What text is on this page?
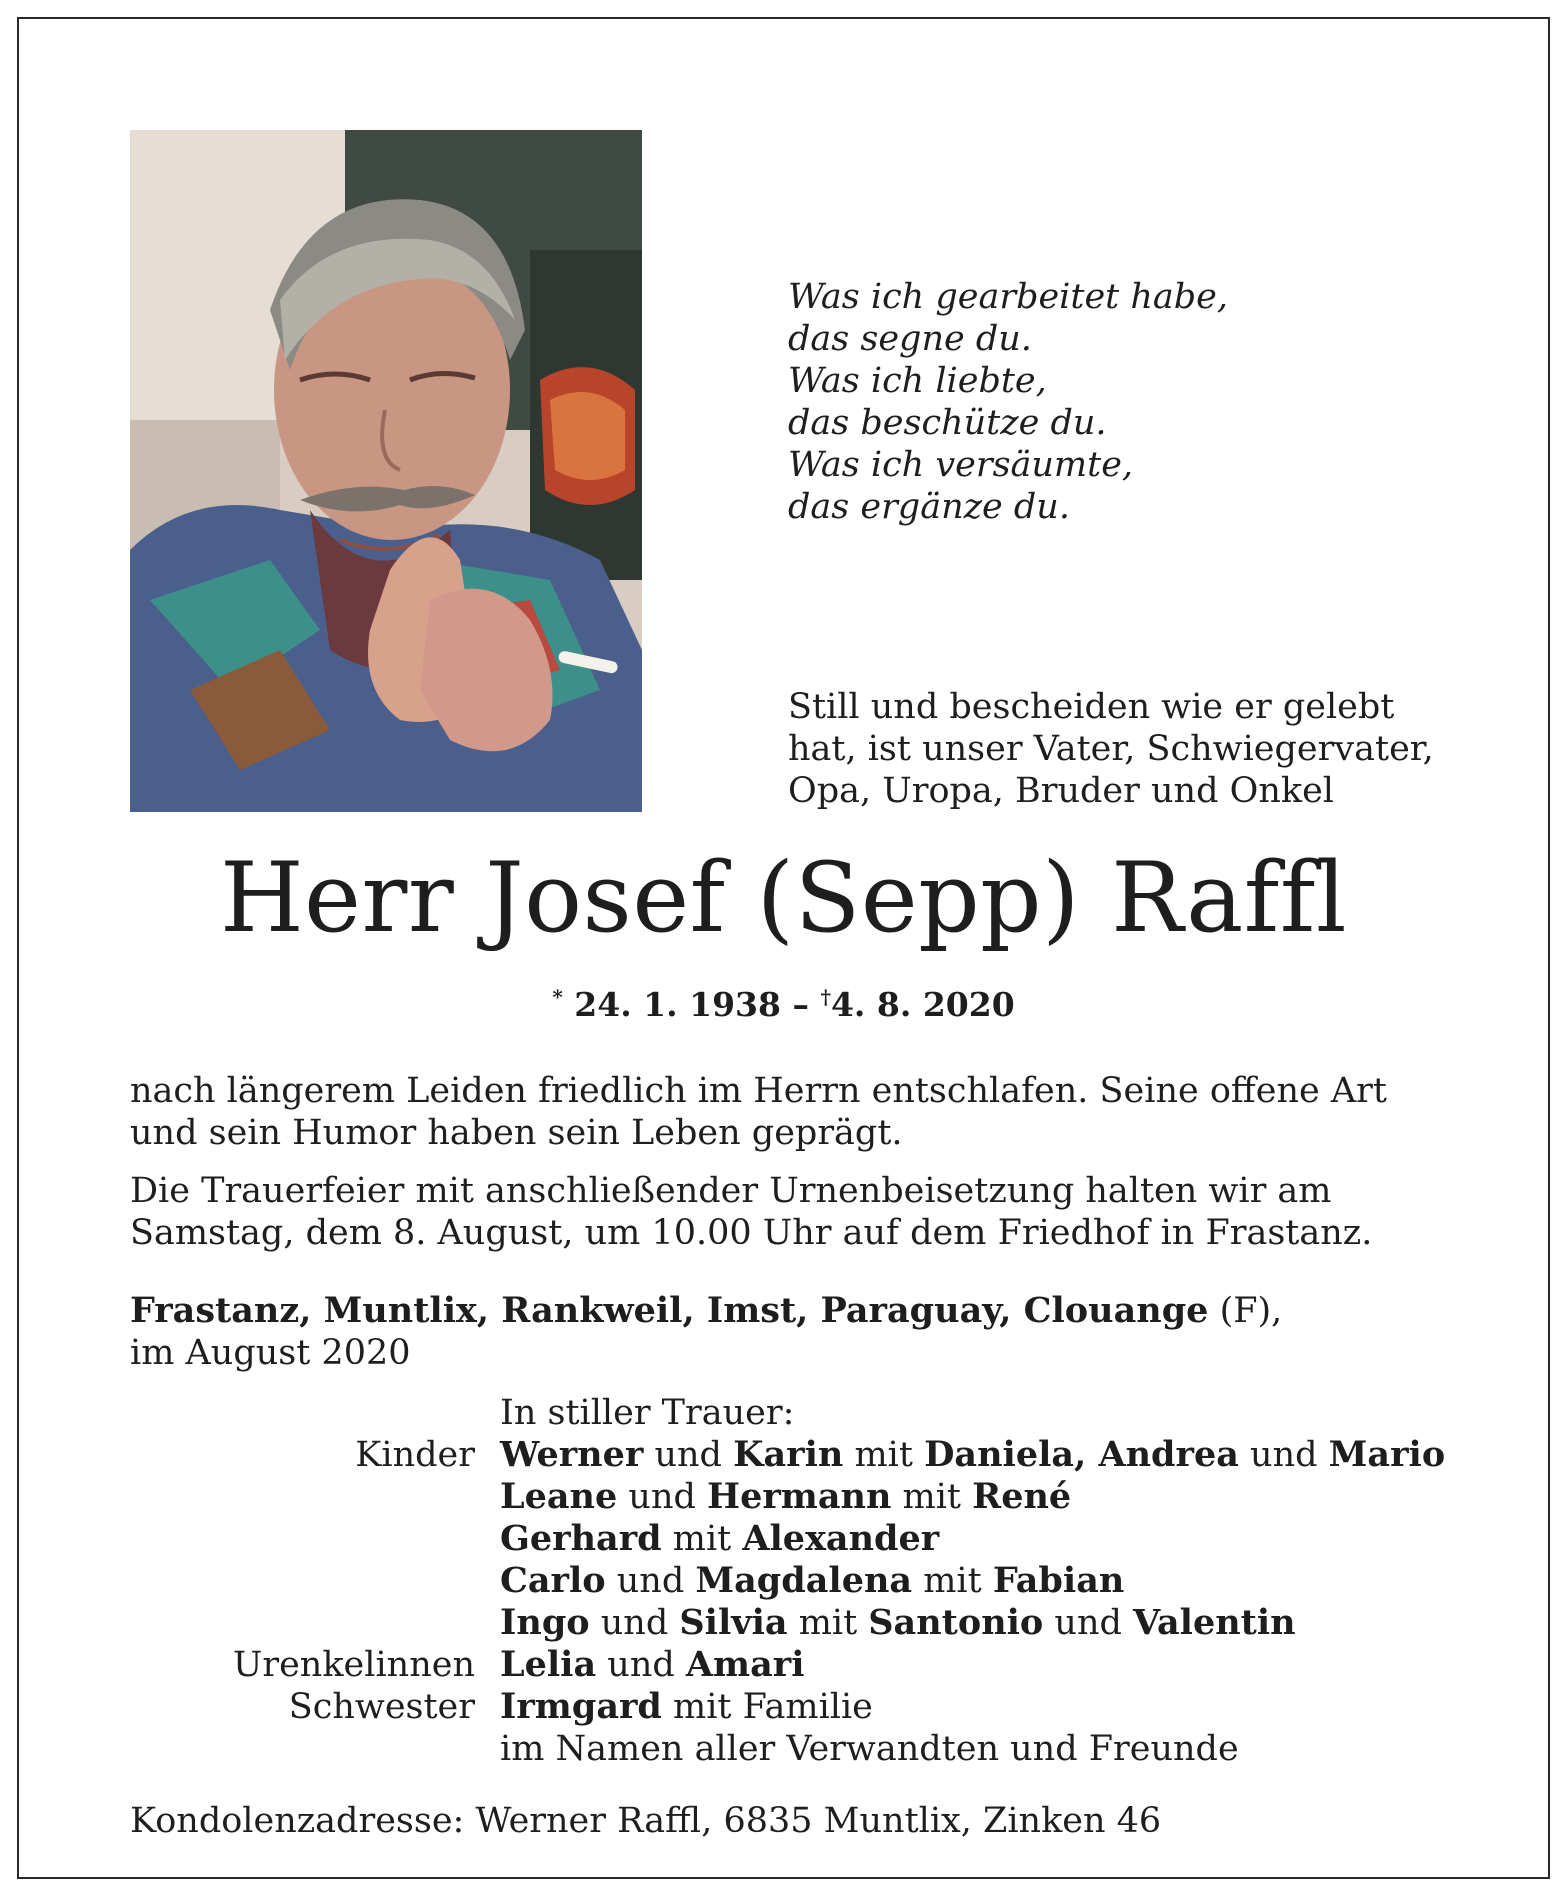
Was ich gearbeitet habe,
das segne du.
Was ich liebte,
das beschütze du.
Was ich versäumte,
das ergänze du.
Still und bescheiden wie er gelebt hat, ist unser Vater, Schwiegervater, Opa, Uropa, Bruder und Onkel
Herr Josef (Sepp) Raffl
* 24. 1. 1938 – †4. 8. 2020
nach längerem Leiden friedlich im Herrn entschlafen. Seine offene Art und sein Humor haben sein Leben geprägt.
Die Trauerfeier mit anschließender Urnenbeisetzung halten wir am Samstag, dem 8. August, um 10.00 Uhr auf dem Friedhof in Frastanz.
Frastanz, Muntlix, Rankweil, Imst, Paraguay, Clouange (F),
im August 2020
In stiller Trauer:
Kinder Werner und Karin mit Daniela, Andrea und Mario
Leane und Hermann mit René
Gerhard mit Alexander
Carlo und Magdalena mit Fabian
Ingo und Silvia mit Santonio und Valentin
Urenkelinnen Lelia und Amari
Schwester Irmgard mit Familie
im Namen aller Verwandten und Freunde
Kondolenzadresse: Werner Raffl, 6835 Muntlix, Zinken 46
